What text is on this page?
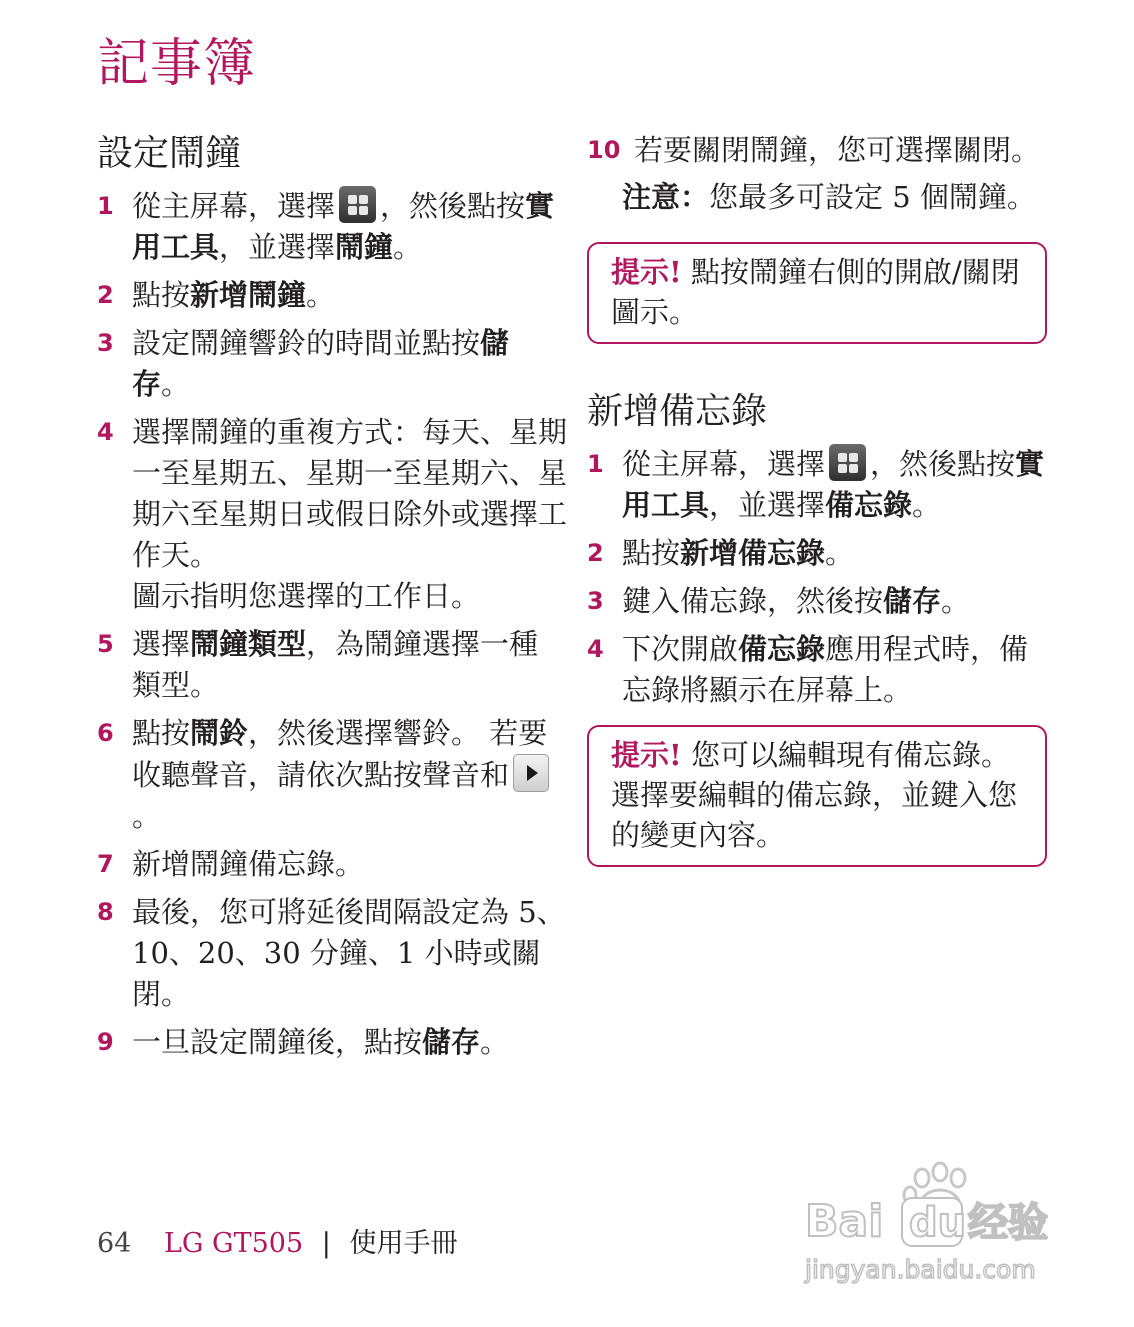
記事簿
設定鬧鐘
1 從主屏幕，選擇 ，然後點按實用工具，並選擇鬧鐘。
2 點按新增鬧鐘。
3 設定鬧鐘響鈴的時間並點按儲存。
4 選擇鬧鐘的重複方式：每天、星期一至星期五、星期一至星期六、星期六至星期日或假日除外或選擇工作天。
圖示指明您選擇的工作日。
5 選擇鬧鐘類型，為鬧鐘選擇一種類型。
6 點按鬧鈴，然後選擇響鈴。 若要收聽聲音，請依次點按聲音和。
7 新增鬧鐘備忘錄。
8 最後，您可將延後間隔設定為 5、10、20、30 分鐘、1 小時或關閉。
9 一旦設定鬧鐘後，點按儲存。
10 若要關閉鬧鐘，您可選擇關閉。
注意：您最多可設定 5 個鬧鐘。
提示! 點按鬧鐘右側的開啟/關閉圖示。
新增備忘錄
1 從主屏幕，選擇 ，然後點按實用工具，並選擇備忘錄。
2 點按新增備忘錄。
3 鍵入備忘錄，然後按儲存。
4 下次開啟備忘錄應用程式時，備忘錄將顯示在屏幕上。
提示! 您可以編輯現有備忘錄。 選擇要編輯的備忘錄，並鍵入您的變更內容。
64 LG GT505 | 使用手冊	Bai du 经验
jingyan.baidu.com
